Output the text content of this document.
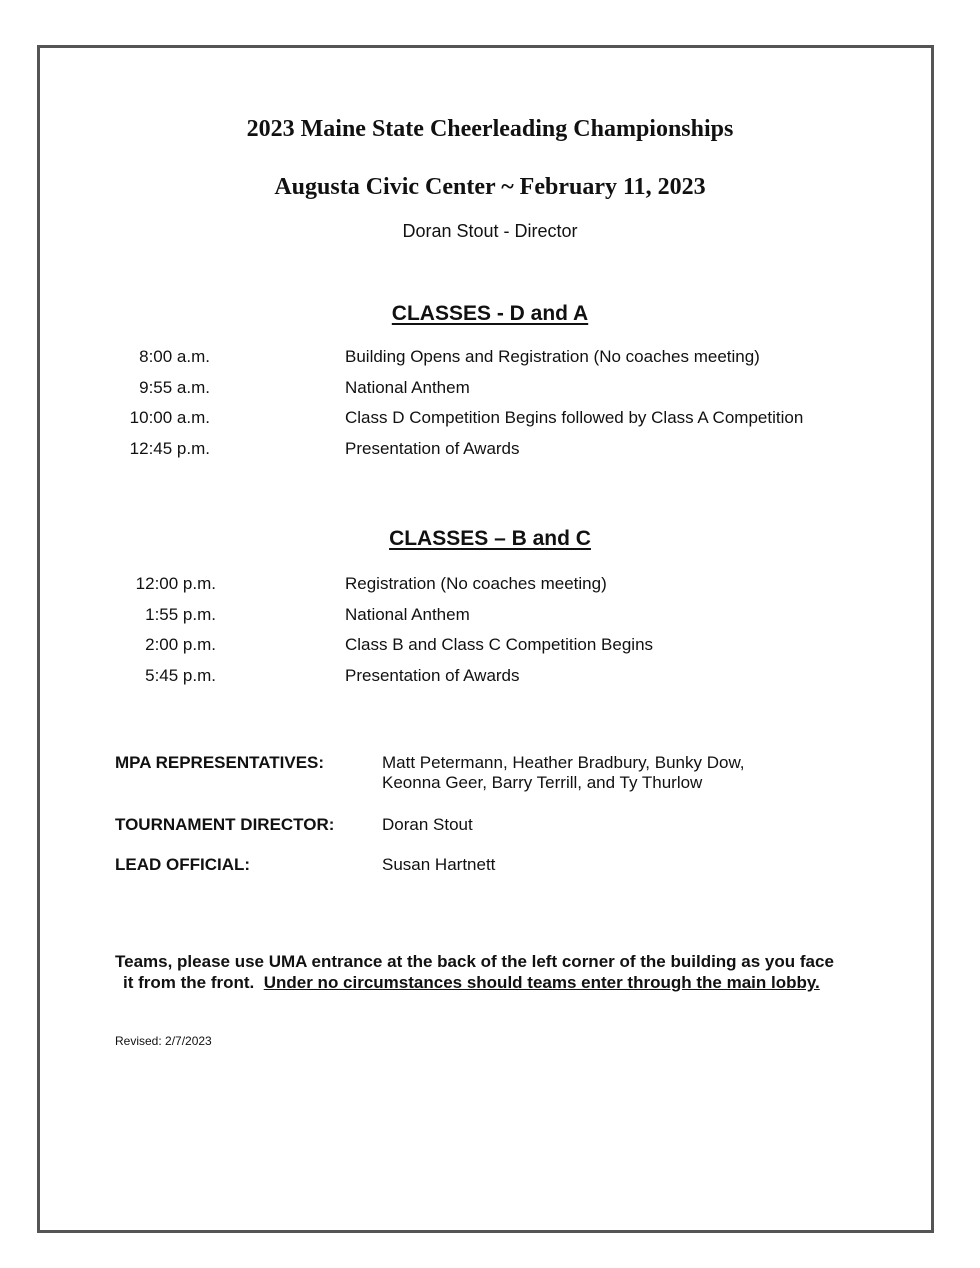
2023 Maine State Cheerleading Championships
Augusta Civic Center ~ February 11, 2023
Doran Stout - Director
CLASSES - D and A
8:00 a.m.	Building Opens and Registration (No coaches meeting)
9:55 a.m.	National Anthem
10:00 a.m.	Class D Competition Begins followed by Class A Competition
12:45 p.m.	Presentation of Awards
CLASSES – B and C
12:00 p.m.	Registration (No coaches meeting)
1:55 p.m.	National Anthem
2:00 p.m.	Class B and Class C Competition Begins
5:45 p.m.	Presentation of Awards
MPA REPRESENTATIVES:	Matt Petermann, Heather Bradbury, Bunky Dow,
Keonna Geer, Barry Terrill, and Ty Thurlow
TOURNAMENT DIRECTOR:	Doran Stout
LEAD OFFICIAL:	Susan Hartnett
Teams, please use UMA entrance at the back of the left corner of the building as you face
it from the front. Under no circumstances should teams enter through the main lobby.
Revised: 2/7/2023
